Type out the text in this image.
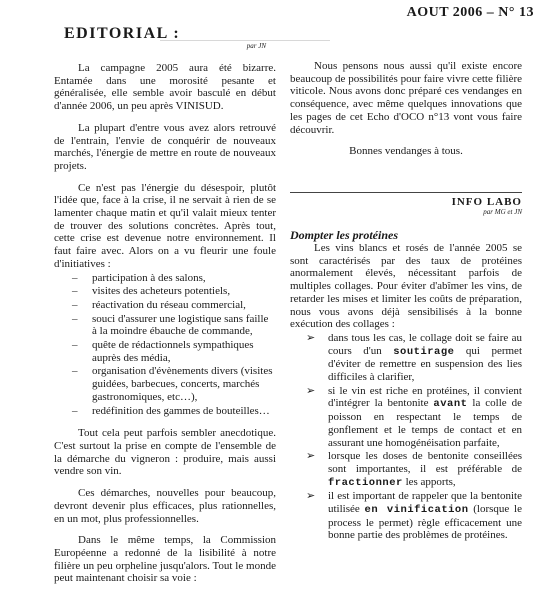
AOUT 2006 – N° 13
EDITORIAL :
par JN

La campagne 2005 aura été bizarre. Entamée dans une morosité pesante et généralisée, elle semble avoir basculé en début d'année 2006, un peu après VINISUD.

La plupart d'entre vous avez alors retrouvé de l'entrain, l'envie de conquérir de nouveaux marchés, l'énergie de mettre en route de nouveaux projets.

Ce n'est pas l'énergie du désespoir, plutôt l'idée que, face à la crise, il ne servait à rien de se lamenter chaque matin et qu'il valait mieux tenter de trouver des solutions concrètes. Après tout, cette crise est devenue notre environnement. Il faut faire avec. Alors on a vu fleurir une foule d'initiatives :

– participation à des salons,
– visites des acheteurs potentiels,
– réactivation du réseau commercial,
– souci d'assurer une logistique sans faille à la moindre ébauche de commande,
– quête de rédactionnels sympathiques auprès des média,
– organisation d'évènements divers (visites guidées, barbecues, concerts, marchés gastronomiques, etc…),
– redéfinition des gammes de bouteilles…

Tout cela peut parfois sembler anecdotique. C'est surtout la prise en compte de l'ensemble de la démarche du vigneron : produire, mais aussi vendre son vin.

Ces démarches, nouvelles pour beaucoup, devront devenir plus efficaces, plus rationnelles, en un mot, plus professionnelles.

Dans le même temps, la Commission Européenne a redonné de la lisibilité à notre filière un peu orpheline jusqu'alors. Tout le monde peut maintenant choisir sa voie :

Nous pensons nous aussi qu'il existe encore beaucoup de possibilités pour faire vivre cette filière viticole. Nous avons donc préparé ces vendanges en conséquence, avec même quelques innovations que les pages de cet Echo d'OCO n°13 vont vous faire découvrir.

Bonnes vendanges à tous.

INFO LABO
par MG et JN
Dompter les protéines

Les vins blancs et rosés de l'année 2005 se sont caractérisés par des taux de protéines anormalement élevés, nécessitant parfois de multiples collages. Pour éviter d'abîmer les vins, de retarder les mises et limiter les coûts de préparation, nous vous avons déjà sensibilisés à la bonne exécution des collages :

➢ dans tous les cas, le collage doit se faire au cours d'un soutirage qui permet d'éviter de remettre en suspension des lies difficiles à clarifier,
➢ si le vin est riche en protéines, il convient d'intégrer la bentonite avant la colle de poisson en respectant le temps de gonflement et le temps de contact et en assurant une homogénéisation parfaite,
➢ lorsque les doses de bentonite conseillées sont importantes, il est préférable de fractionner les apports,
➢ il est important de rappeler que la bentonite utilisée en vinification (lorsque le process le permet) règle efficacement une bonne partie des problèmes de protéines.
